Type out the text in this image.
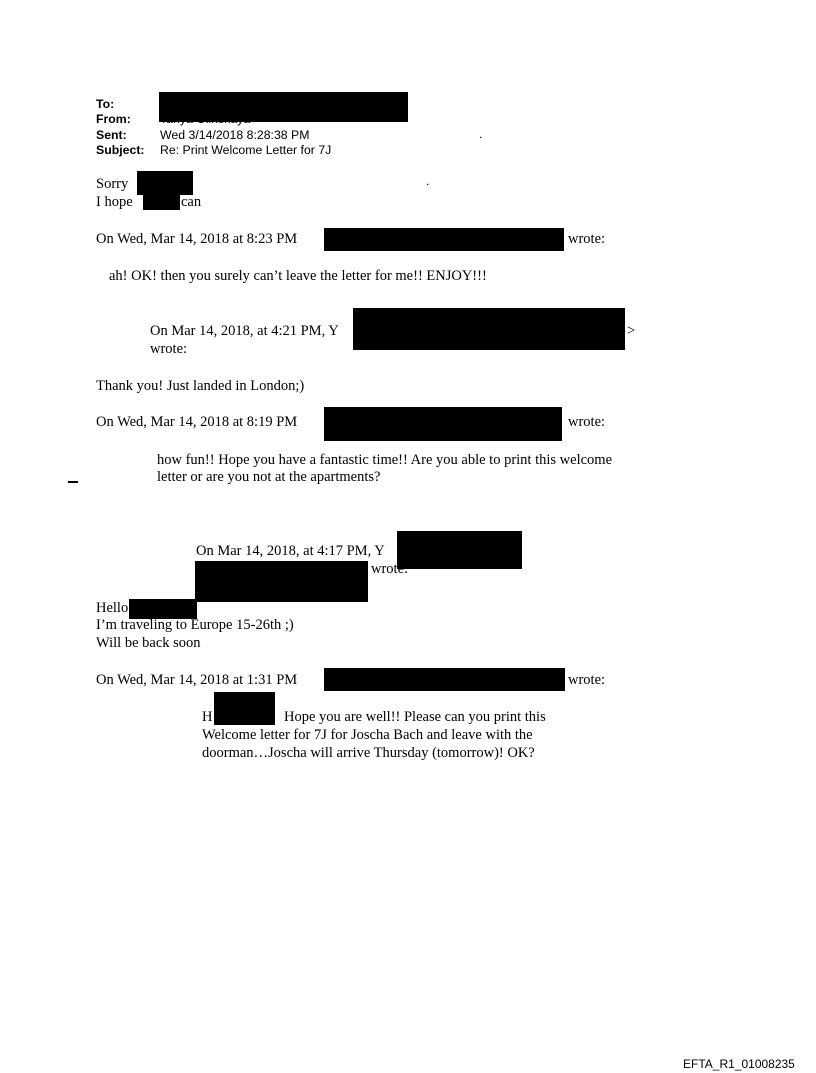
To:
From:
Sent:	Wed 3/14/2018 8:28:38 PM	.
Subject: Re: Print Welcome Letter for 7J
Sorry	.
I hope	can
On Wed, Mar 14, 2018 at 8:23 PM	wrote:
ah! OK! then you surely can’t leave the letter for me!! ENJOY!!!
On Mar 14, 2018, at 4:21 PM, Y	>
wrote:
Thank you! Just landed in London;)
On Wed, Mar 14, 2018 at 8:19 PM	wrote:
how fun!! Hope you have a fantastic time!! Are you able to print this welcome
letter or are you not at the apartments?
On Mar 14, 2018, at 4:17 PM, Y
wrote:
Hello
I’m traveling to Europe 15-26th ;)
Will be back soon
On Wed, Mar 14, 2018 at 1:31 PM	wrote:
H	Hope you are well!! Please can you print this
Welcome letter for 7J for Joscha Bach and leave with the
doorman…Joscha will arrive Thursday (tomorrow)! OK?
EFTA_R1_01008235
